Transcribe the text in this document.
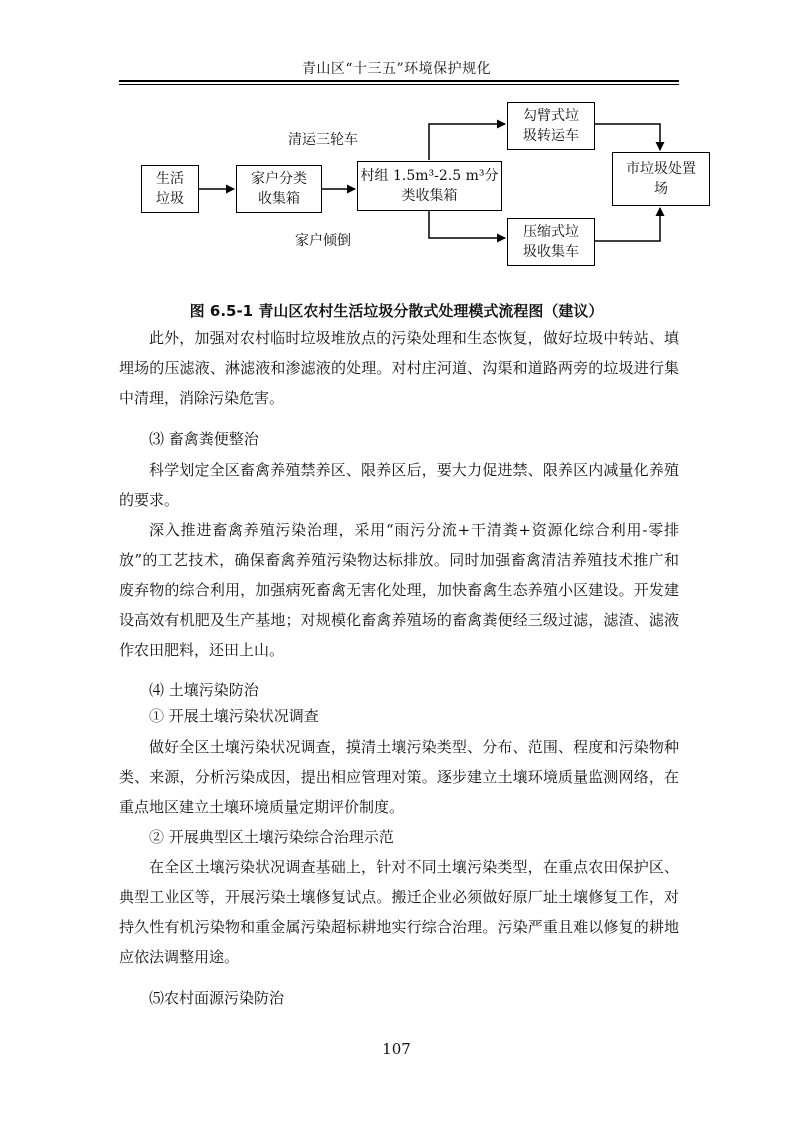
青山区“十三五”环境保护规化
生活
垃圾
家户分类
收集箱
村组 1.5m³-2.5 m³分
类收集箱
勾臂式垃
圾转运车
压缩式垃
圾收集车
市垃圾处置
场
清运三轮车
家户倾倒
图 6.5-1 青山区农村生活垃圾分散式处理模式流程图（建议）

此外，加强对农村临时垃圾堆放点的污染处理和生态恢复，做好垃圾中转站、填埋场的压滤液、淋滤液和渗滤液的处理。对村庄河道、沟渠和道路两旁的垃圾进行集中清理，消除污染危害。

⑶ 畜禽粪便整治

科学划定全区畜禽养殖禁养区、限养区后，要大力促进禁、限养区内减量化养殖的要求。

深入推进畜禽养殖污染治理，采用“雨污分流+干清粪+资源化综合利用-零排放”的工艺技术，确保畜禽养殖污染物达标排放。同时加强畜禽清洁养殖技术推广和废弃物的综合利用，加强病死畜禽无害化处理，加快畜禽生态养殖小区建设。开发建设高效有机肥及生产基地；对规模化畜禽养殖场的畜禽粪便经三级过滤，滤渣、滤液作农田肥料，还田上山。

⑷ 土壤污染防治
① 开展土壤污染状况调查

做好全区土壤污染状况调查，摸清土壤污染类型、分布、范围、程度和污染物种类、来源，分析污染成因，提出相应管理对策。逐步建立土壤环境质量监测网络，在重点地区建立土壤环境质量定期评价制度。

② 开展典型区土壤污染综合治理示范

在全区土壤污染状况调查基础上，针对不同土壤污染类型，在重点农田保护区、典型工业区等，开展污染土壤修复试点。搬迁企业必须做好原厂址土壤修复工作，对持久性有机污染物和重金属污染超标耕地实行综合治理。污染严重且难以修复的耕地应依法调整用途。

⑸农村面源污染防治
107
